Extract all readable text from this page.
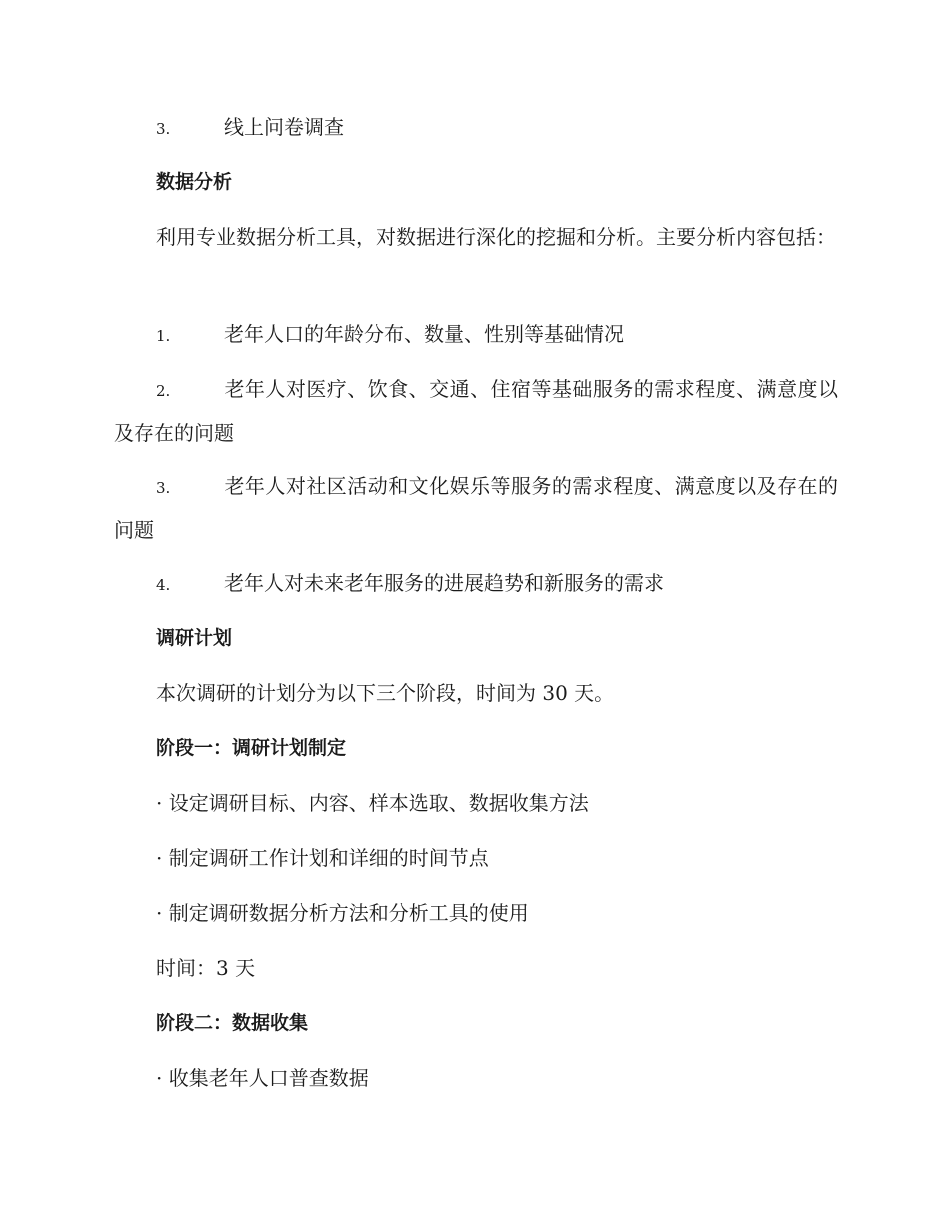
3.	线上问卷调查
数据分析
利用专业数据分析工具，对数据进行深化的挖掘和分析。主要分析内容包括：
1.	老年人口的年龄分布、数量、性别等基础情况
2.	老年人对医疗、饮食、交通、住宿等基础服务的需求程度、满意度以及存在的问题
3.	老年人对社区活动和文化娱乐等服务的需求程度、满意度以及存在的问题
4.	老年人对未来老年服务的进展趋势和新服务的需求
调研计划
本次调研的计划分为以下三个阶段，时间为 30 天。
阶段一：调研计划制定
· 设定调研目标、内容、样本选取、数据收集方法
· 制定调研工作计划和详细的时间节点
· 制定调研数据分析方法和分析工具的使用
时间：3 天
阶段二：数据收集
· 收集老年人口普查数据
